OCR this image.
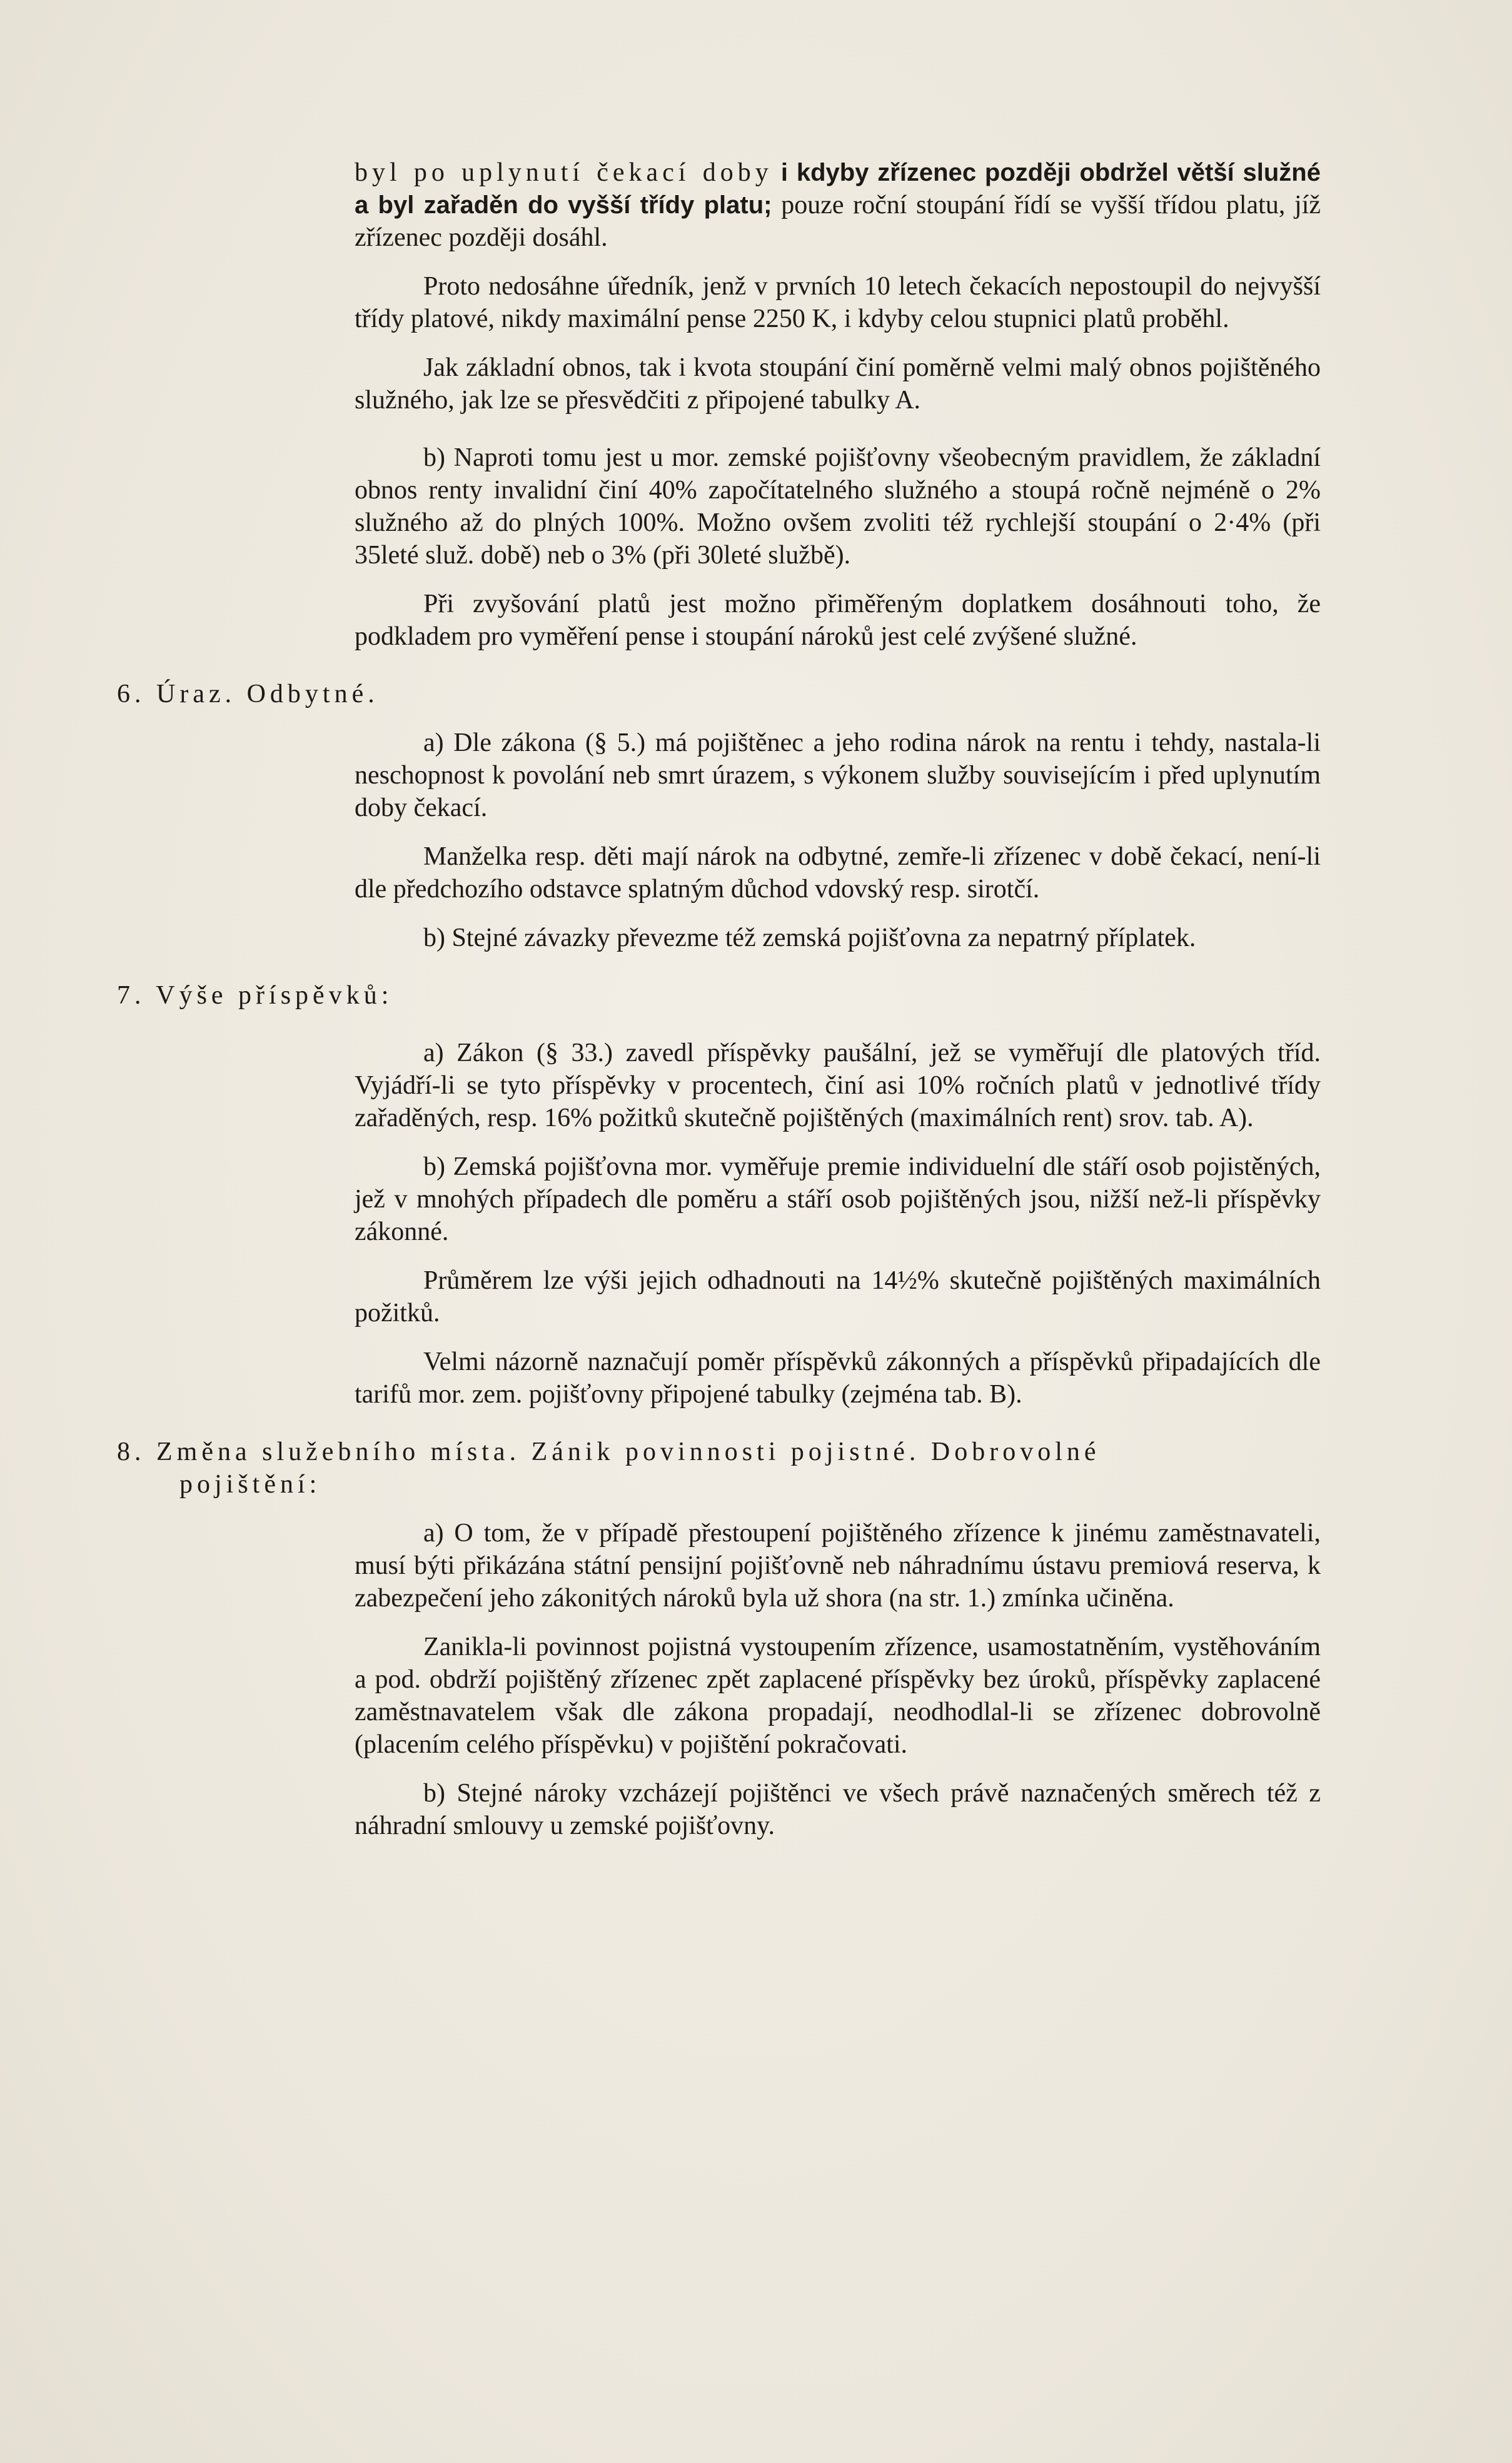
byl po uplynutí čekací doby i kdyby zřízenec později obdržel větší služné a byl zařaděn do vyšší třídy platu; pouze roční stoupání řídí se vyšší třídou platu, jíž zřízenec později dosáhl.

Proto nedosáhne úředník, jenž v prvních 10 letech čekacích nepostoupil do nejvyšší třídy platové, nikdy maximální pense 2250 K, i kdyby celou stupnici platů proběhl.

Jak základní obnos, tak i kvota stoupání činí poměrně velmi malý obnos pojištěného služného, jak lze se přesvědčiti z připojené tabulky A.

b) Naproti tomu jest u mor. zemské pojišťovny všeobecným pravidlem, že základní obnos renty invalidní činí 40% započítatelného služného a stoupá ročně nejméně o 2% služného až do plných 100%. Možno ovšem zvoliti též rychlejší stoupání o 2·4% (při 35leté služ. době) neb o 3% (při 30leté službě).

Při zvyšování platů jest možno přiměřeným doplatkem dosáhnouti toho, že podkladem pro vyměření pense i stoupání nároků jest celé zvýšené služné.

6. Úraz. Odbytné.

a) Dle zákona (§ 5.) má pojištěnec a jeho rodina nárok na rentu i tehdy, nastala-li neschopnost k povolání neb smrt úrazem, s výkonem služby souvisejícím i před uplynutím doby čekací.

Manželka resp. děti mají nárok na odbytné, zemře-li zřízenec v době čekací, není-li dle předchozího odstavce splatným důchod vdovský resp. sirotčí.

b) Stejné závazky převezme též zemská pojišťovna za nepatrný příplatek.

7. Výše příspěvků:

a) Zákon (§ 33.) zavedl příspěvky paušální, jež se vyměřují dle platových tříd. Vyjádří-li se tyto příspěvky v procentech, činí asi 10% ročních platů v jednotlivé třídy zařaděných, resp. 16% požitků skutečně pojištěných (maximálních rent) srov. tab. A).

b) Zemská pojišťovna mor. vyměřuje premie individuelní dle stáří osob pojistěných, jež v mnohých případech dle poměru a stáří osob pojištěných jsou, nižší než-li příspěvky zákonné.

Průměrem lze výši jejich odhadnouti na 14½% skutečně pojištěných maximálních požitků.

Velmi názorně naznačují poměr příspěvků zákonných a příspěvků připadajících dle tarifů mor. zem. pojišťovny připojené tabulky (zejména tab. B).

8. Změna služebního místa. Zánik povinnosti pojistné. Dobrovolné
pojištění:

a) O tom, že v případě přestoupení pojištěného zřízence k jinému zaměstnavateli, musí býti přikázána státní pensijní pojišťovně neb náhradnímu ústavu premiová reserva, k zabezpečení jeho zákonitých nároků byla už shora (na str. 1.) zmínka učiněna.

Zanikla-li povinnost pojistná vystoupením zřízence, usamostatněním, vystěhováním a pod. obdrží pojištěný zřízenec zpět zaplacené příspěvky bez úroků, příspěvky zaplacené zaměstnavatelem však dle zákona propadají, neodhodlal-li se zřízenec dobrovolně (placením celého příspěvku) v pojištění pokračovati.

b) Stejné nároky vzcházejí pojištěnci ve všech právě naznačených směrech též z náhradní smlouvy u zemské pojišťovny.
